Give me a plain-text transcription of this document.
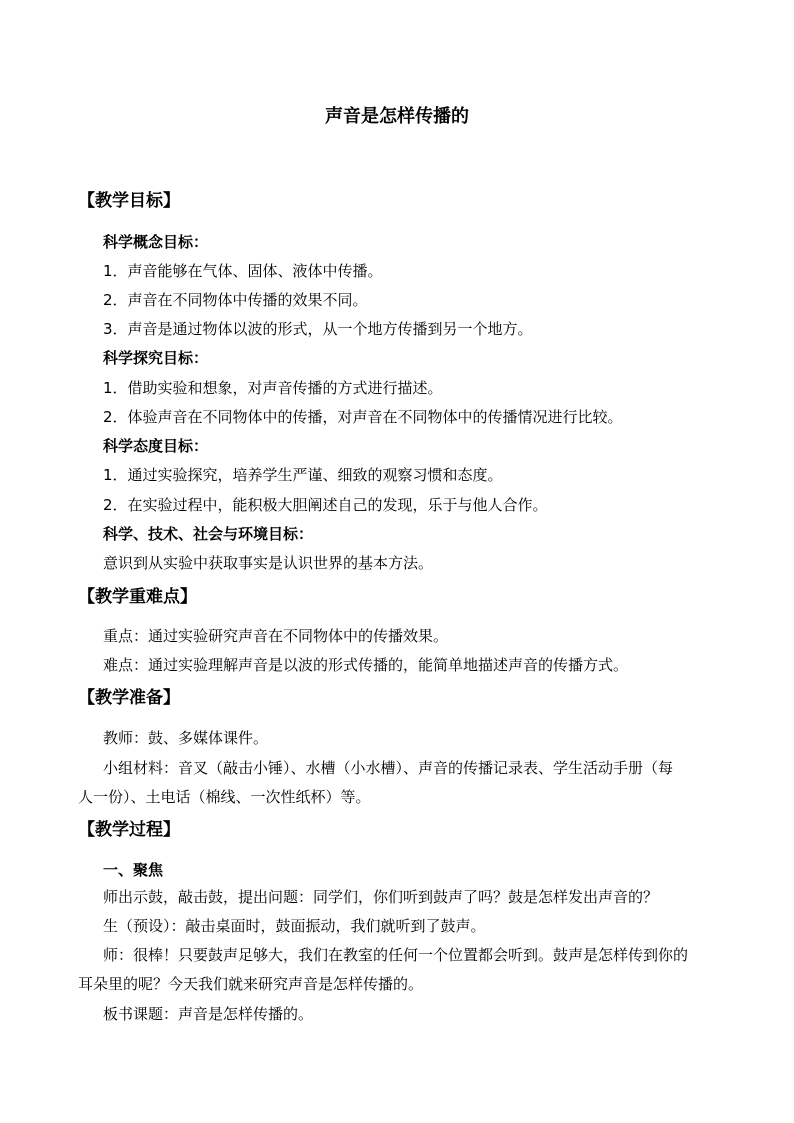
声音是怎样传播的
【教学目标】
科学概念目标：
1．声音能够在气体、固体、液体中传播。
2．声音在不同物体中传播的效果不同。
3．声音是通过物体以波的形式，从一个地方传播到另一个地方。
科学探究目标：
1．借助实验和想象，对声音传播的方式进行描述。
2．体验声音在不同物体中的传播，对声音在不同物体中的传播情况进行比较。
科学态度目标：
1．通过实验探究，培养学生严谨、细致的观察习惯和态度。
2．在实验过程中，能积极大胆阐述自己的发现，乐于与他人合作。
科学、技术、社会与环境目标：
意识到从实验中获取事实是认识世界的基本方法。
【教学重难点】
重点：通过实验研究声音在不同物体中的传播效果。
难点：通过实验理解声音是以波的形式传播的，能简单地描述声音的传播方式。
【教学准备】
教师：鼓、多媒体课件。
小组材料：音叉（敲击小锤）、水槽（小水槽）、声音的传播记录表、学生活动手册（每
人一份）、土电话（棉线、一次性纸杯）等。
【教学过程】
一、聚焦
师出示鼓，敲击鼓，提出问题：同学们，你们听到鼓声了吗？鼓是怎样发出声音的？
生（预设）：敲击桌面时，鼓面振动，我们就听到了鼓声。
师：很棒！只要鼓声足够大，我们在教室的任何一个位置都会听到。鼓声是怎样传到你的
耳朵里的呢？今天我们就来研究声音是怎样传播的。
板书课题：声音是怎样传播的。
